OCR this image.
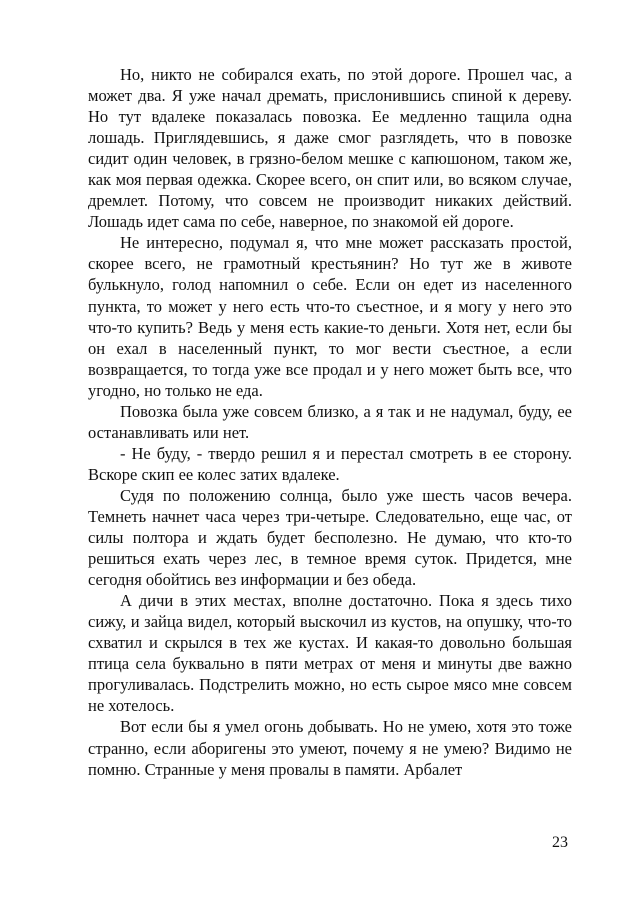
Но, никто не собирался ехать, по этой дороге. Прошел час, а может два. Я уже начал дремать, прислонившись спиной к дереву. Но тут вдалеке показалась повозка. Ее медленно тащила одна лошадь. Приглядевшись, я даже смог разглядеть, что в повозке сидит один человек, в грязно-белом мешке с капюшоном, таком же, как моя первая одежка. Скорее всего, он спит или, во всяком случае, дремлет. Потому, что совсем не производит никаких действий. Лошадь идет сама по себе, наверное, по знакомой ей дороге.

Не интересно, подумал я, что мне может рассказать простой, скорее всего, не грамотный крестьянин? Но тут же в животе булькнуло, голод напомнил о себе. Если он едет из населенного пункта, то может у него есть что-то съестное, и я могу у него это что-то купить? Ведь у меня есть какие-то деньги. Хотя нет, если бы он ехал в населенный пункт, то мог вести съестное, а если возвращается, то тогда уже все продал и у него может быть все, что угодно, но только не еда.

Повозка была уже совсем близко, а я так и не надумал, буду, ее останавливать или нет.

- Не буду, - твердо решил я и перестал смотреть в ее сторону. Вскоре скип ее колес затих вдалеке.

Судя по положению солнца, было уже шесть часов вечера. Темнеть начнет часа через три-четыре. Следовательно, еще час, от силы полтора и ждать будет бесполезно. Не думаю, что кто-то решиться ехать через лес, в темное время суток. Придется, мне сегодня обойтись вез информации и без обеда.

А дичи в этих местах, вполне достаточно. Пока я здесь тихо сижу, и зайца видел, который выскочил из кустов, на опушку, что-то схватил и скрылся в тех же кустах. И какая-то довольно большая птица села буквально в пяти метрах от меня и минуты две важно прогуливалась. Подстрелить можно, но есть сырое мясо мне совсем не хотелось.

Вот если бы я умел огонь добывать. Но не умею, хотя это тоже странно, если аборигены это умеют, почему я не умею? Видимо не помню. Странные у меня провалы в памяти. Арбалет

23
